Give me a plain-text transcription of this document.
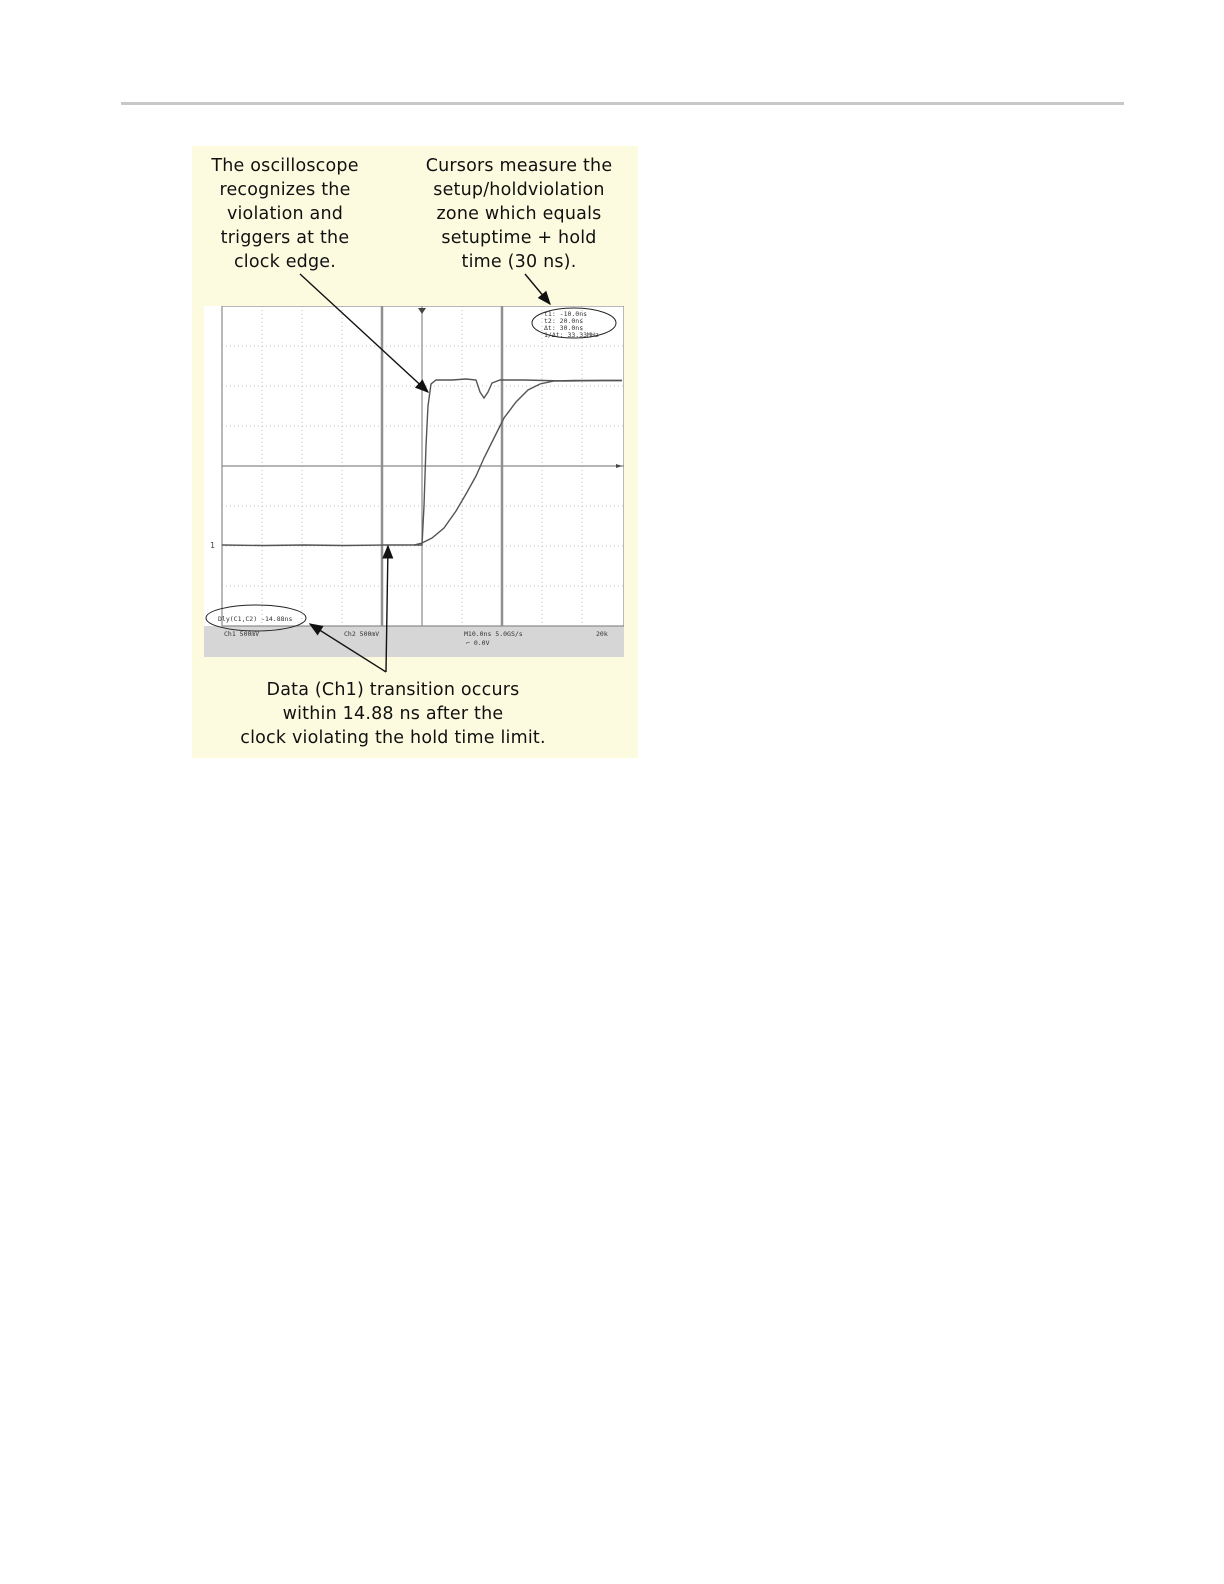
The oscilloscope
recognizes the
violation and
triggers at the
clock edge.
Cursors measure the
setup/holdviolation
zone which equals
setuptime + hold
time (30 ns).
1
t1: -10.0ns
t2: 20.0ns
Δt: 30.0ns
1/Δt: 33.33MHz
Dly(C1,C2) -14.88ns
Ch1 500mV	Ch2 500mV	M10.0ns 5.0GS/s
⌐ 0.0V
20k
Data (Ch1) transition occurs
within 14.88 ns after the
clock violating the hold time limit.
